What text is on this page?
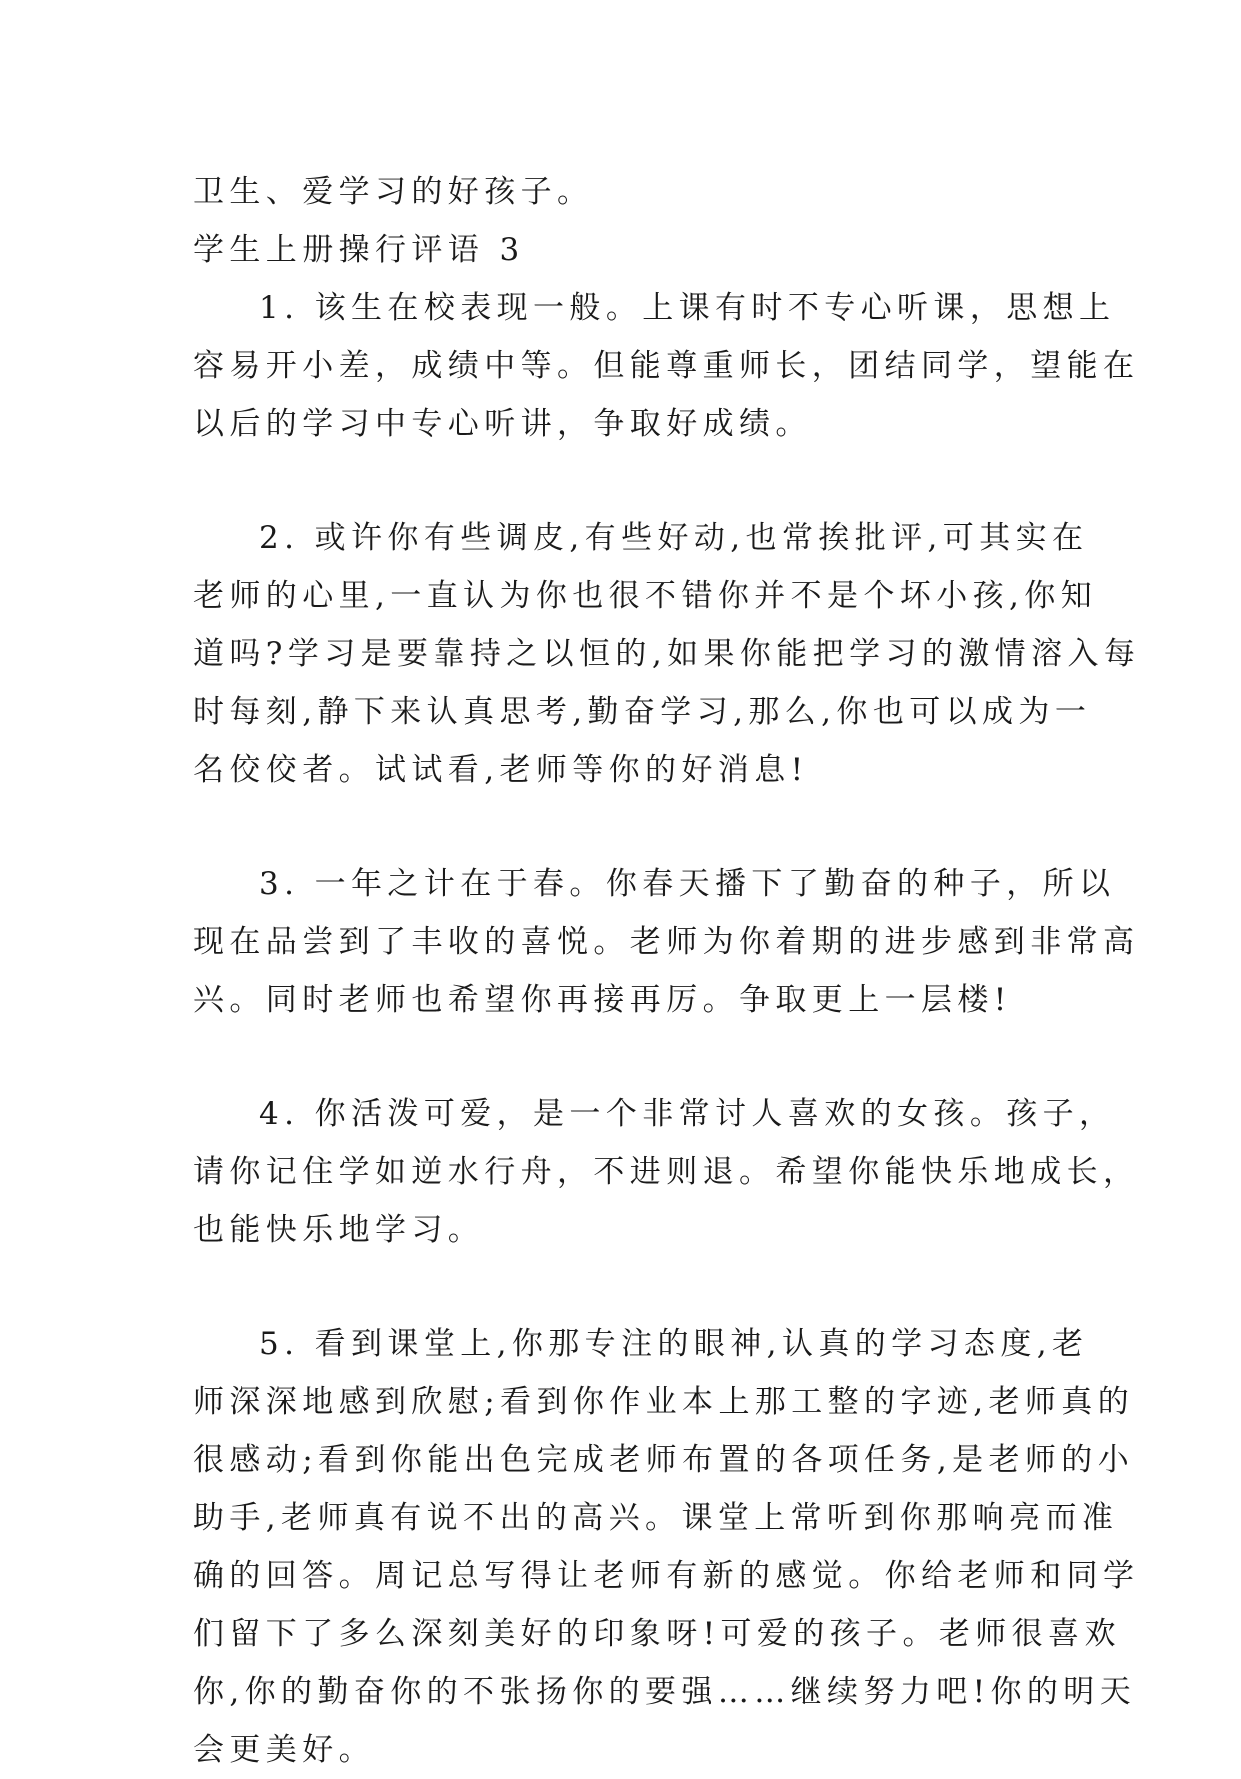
卫生、爱学习的好孩子。

学生上册操行评语 3

1. 该生在校表现一般。上课有时不专心听课，思想上

容易开小差，成绩中等。但能尊重师长，团结同学，望能在

以后的学习中专心听讲，争取好成绩。

2. 或许你有些调皮,有些好动,也常挨批评,可其实在

老师的心里,一直认为你也很不错你并不是个坏小孩,你知

道吗?学习是要靠持之以恒的,如果你能把学习的激情溶入每

时每刻,静下来认真思考,勤奋学习,那么,你也可以成为一

名佼佼者。试试看,老师等你的好消息!

3. 一年之计在于春。你春天播下了勤奋的种子，所以

现在品尝到了丰收的喜悦。老师为你着期的进步感到非常高

兴。同时老师也希望你再接再厉。争取更上一层楼!

4. 你活泼可爱，是一个非常讨人喜欢的女孩。孩子，

请你记住学如逆水行舟，不进则退。希望你能快乐地成长，

也能快乐地学习。

5. 看到课堂上,你那专注的眼神,认真的学习态度,老

师深深地感到欣慰;看到你作业本上那工整的字迹,老师真的

很感动;看到你能出色完成老师布置的各项任务,是老师的小

助手,老师真有说不出的高兴。课堂上常听到你那响亮而准

确的回答。周记总写得让老师有新的感觉。你给老师和同学

们留下了多么深刻美好的印象呀!可爱的孩子。老师很喜欢

你,你的勤奋你的不张扬你的要强……继续努力吧!你的明天

会更美好。
